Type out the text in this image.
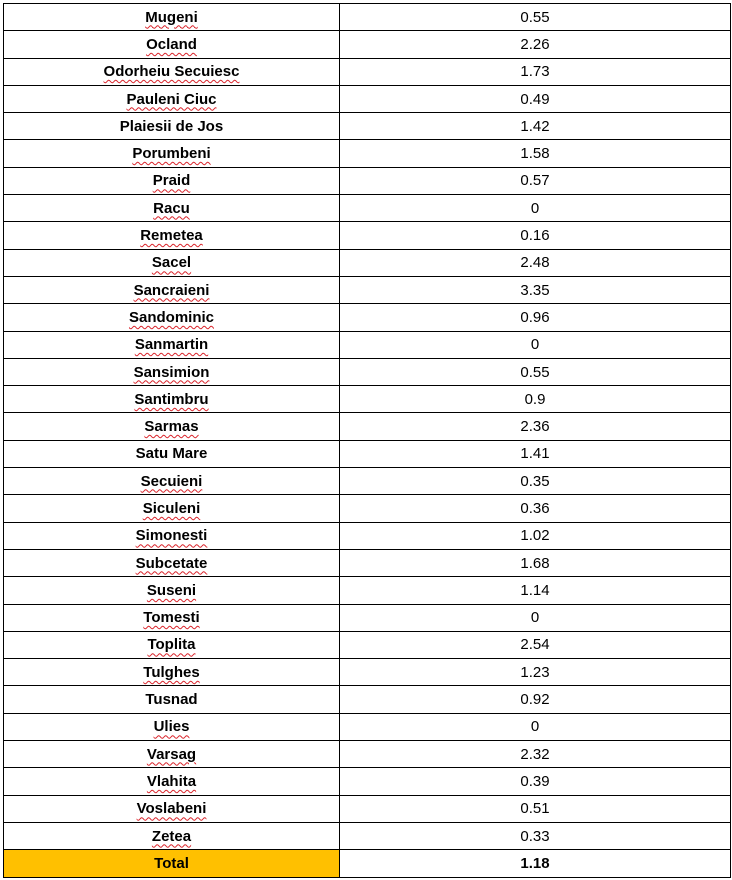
Mugeni	0.55
Ocland	2.26
Odorheiu Secuiesc	1.73
Pauleni Ciuc	0.49
Plaiesii de Jos	1.42
Porumbeni	1.58
Praid	0.57
Racu	0
Remetea	0.16
Sacel	2.48
Sancraieni	3.35
Sandominic	0.96
Sanmartin	0
Sansimion	0.55
Santimbru	0.9
Sarmas	2.36
Satu Mare	1.41
Secuieni	0.35
Siculeni	0.36
Simonesti	1.02
Subcetate	1.68
Suseni	1.14
Tomesti	0
Toplita	2.54
Tulghes	1.23
Tusnad	0.92
Ulies	0
Varsag	2.32
Vlahita	0.39
Voslabeni	0.51
Zetea	0.33
Total	1.18
